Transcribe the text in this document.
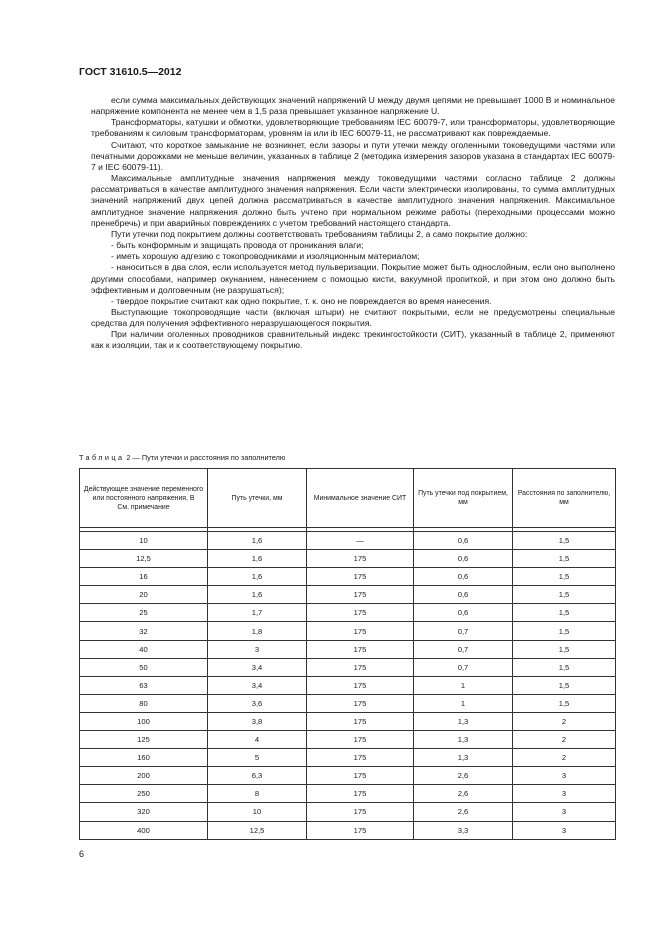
ГОСТ 31610.5—2012

если сумма максимальных действующих значений напряжений U между двумя цепями не превышает 1000 В и номинальное напряжение компонента не менее чем в 1,5 раза превышает указанное напряжение U.

Трансформаторы, катушки и обмотки, удовлетворяющие требованиям IEC 60079-7, или трансформаторы, удовлетворяющие требованиям к силовым трансформаторам, уровням ia или ib IEC 60079-11, не рассматривают как повреждаемые.

Считают, что короткое замыкание не возникнет, если зазоры и пути утечки между оголенными токоведущими частями или печатными дорожками не меньше величин, указанных в таблице 2 (методика измерения зазоров указана в стандартах IEC 60079-7 и IEC 60079-11).

Максимальные амплитудные значения напряжения между токоведущими частями согласно таблице 2 должны рассматриваться в качестве амплитудного значения напряжения. Если части электрически изолированы, то сумма амплитудных значений напряжений двух цепей должна рассматриваться в качестве амплитудного значения напряжения. Максимальное амплитудное значение напряжения должно быть учтено при нормальном режиме работы (переходными процессами можно пренебречь) и при аварийных повреждениях с учетом требований настоящего стандарта.

Пути утечки под покрытием должны соответствовать требованиям таблицы 2, а само покрытие должно:

- быть конформным и защищать провода от проникания влаги;

- иметь хорошую адгезию с токопроводниками и изоляционным материалом;

- наноситься в два слоя, если используется метод пульверизации. Покрытие может быть однослойным, если оно выполнено другими способами, например окунанием, нанесением с помощью кисти, вакуумной пропиткой, и при этом оно должно быть эффективным и долговечным (не разрушаться);

- твердое покрытие считают как одно покрытие, т. к. оно не повреждается во время нанесения.

Выступающие токопроводящие части (включая штыри) не считают покрытыми, если не предусмотрены специальные средства для получения эффективного неразрушающегося покрытия.

При наличии оголенных проводников сравнительный индекс трекингостойкости (СИТ), указанный в таблице 2, применяют как к изоляции, так и к соответствующему покрытию.

Таблица 2 — Пути утечки и расстояния по заполнителю
Действующее значение переменного или постоянного напряжения, В
См. примечание	Путь утечки, мм	Минимальное значение СИТ	Путь утечки под покрытием, мм	Расстояния по заполнителю, мм

10	1,6	—	0,6	1,5
12,5	1,6	175	0,6	1,5
16	1,6	175	0,6	1,5
20	1,6	175	0,6	1,5
25	1,7	175	0,6	1,5
32	1,8	175	0,7	1,5
40	3	175	0,7	1,5
50	3,4	175	0,7	1,5
63	3,4	175	1	1,5
80	3,6	175	1	1,5
100	3,8	175	1,3	2
125	4	175	1,3	2
160	5	175	1,3	2
200	6,3	175	2,6	3
250	8	175	2,6	3
320	10	175	2,6	3
400	12,5	175	3,3	3
6
